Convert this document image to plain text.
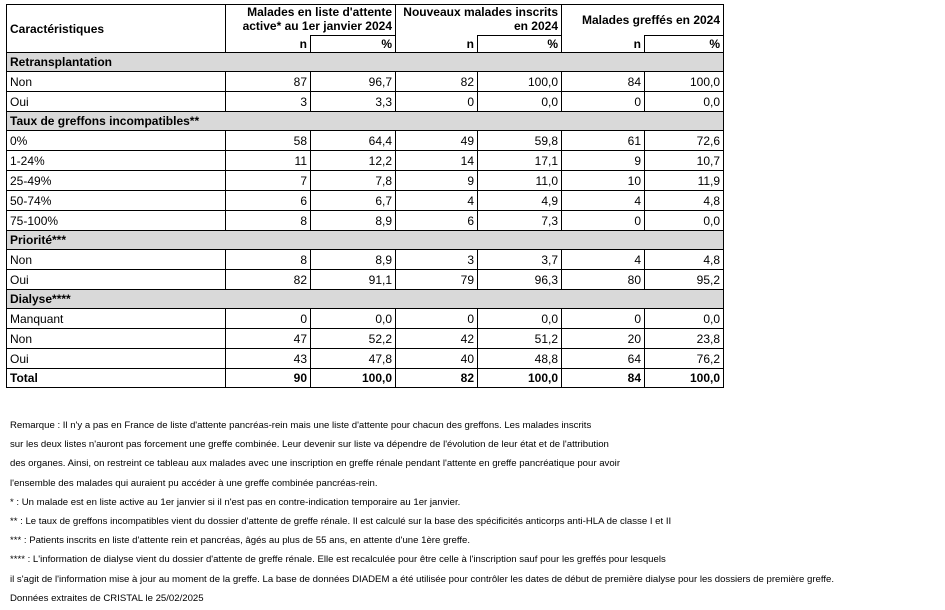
Caractéristiques	Malades en liste d'attente
active* au 1er janvier 2024		Nouveaux malades inscrits
en 2024		Malades greffés en 2024	
	n	%	n	%	n	%
Retransplantation						
Non	87	96,7	82	100,0	84	100,0
Oui	3	3,3	0	0,0	0	0,0
Taux de greffons incompatibles**						
0%	58	64,4	49	59,8	61	72,6
1-24%	11	12,2	14	17,1	9	10,7
25-49%	7	7,8	9	11,0	10	11,9
50-74%	6	6,7	4	4,9	4	4,8
75-100%	8	8,9	6	7,3	0	0,0
Priorité***						
Non	8	8,9	3	3,7	4	4,8
Oui	82	91,1	79	96,3	80	95,2
Dialyse****						
Manquant	0	0,0	0	0,0	0	0,0
Non	47	52,2	42	51,2	20	23,8
Oui	43	47,8	40	48,8	64	76,2
Total	90	100,0	82	100,0	84	100,0
Remarque : Il n'y a pas en France de liste d'attente pancréas-rein mais une liste d'attente pour chacun des greffons. Les malades inscrits
sur les deux listes n'auront pas forcement une greffe combinée. Leur devenir sur liste va dépendre de l'évolution de leur état et de l'attribution
des organes. Ainsi, on restreint ce tableau aux malades avec une inscription en greffe rénale pendant l'attente en greffe pancréatique pour avoir
l'ensemble des malades qui auraient pu accéder à une greffe combinée pancréas-rein.
* : Un malade est en liste active au 1er janvier si il n'est pas en contre-indication temporaire au 1er janvier.
** : Le taux de greffons incompatibles vient du dossier d'attente de greffe rénale. Il est calculé sur la base des spécificités anticorps anti-HLA de classe I et II
*** : Patients inscrits en liste d'attente rein et pancréas, âgés au plus de 55 ans, en attente d'une 1ère greffe.
**** : L'information de dialyse vient du dossier d'attente de greffe rénale. Elle est recalculée pour être celle à l'inscription sauf pour les greffés pour lesquels
il s'agit de l'information mise à jour au moment de la greffe. La base de données DIADEM a été utilisée pour contrôler les dates de début de première dialyse pour les dossiers de première greffe.
Données extraites de CRISTAL le 25/02/2025
